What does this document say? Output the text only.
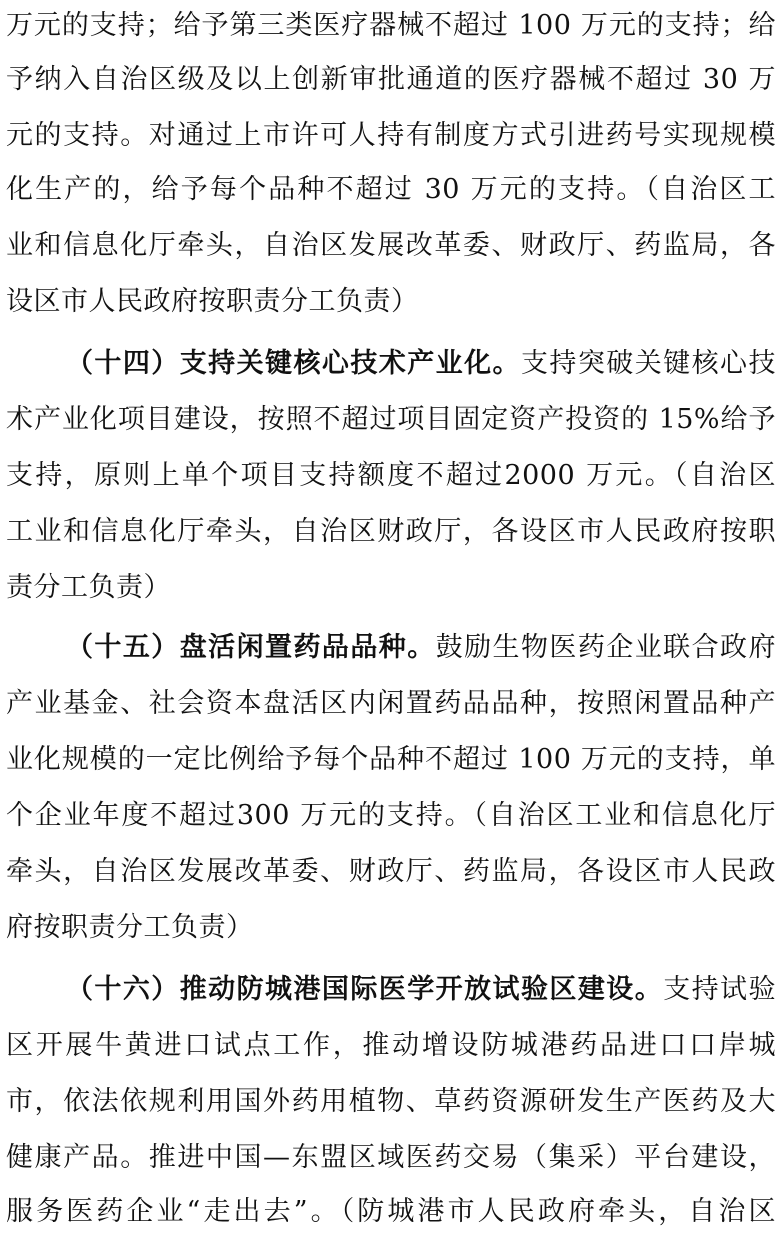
万元的支持；给予第三类医疗器械不超过 100 万元的支持；给
予纳入自治区级及以上创新审批通道的医疗器械不超过 30 万
元的支持。对通过上市许可人持有制度方式引进药号实现规模
化生产的，给予每个品种不超过 30 万元的支持。（自治区工
业和信息化厅牵头，自治区发展改革委、财政厅、药监局，各
设区市人民政府按职责分工负责）
（十四）支持关键核心技术产业化。支持突破关键核心技
术产业化项目建设，按照不超过项目固定资产投资的 15%给予
支持，原则上单个项目支持额度不超过2000 万元。（自治区
工业和信息化厅牵头，自治区财政厅，各设区市人民政府按职
责分工负责）
（十五）盘活闲置药品品种。鼓励生物医药企业联合政府
产业基金、社会资本盘活区内闲置药品品种，按照闲置品种产
业化规模的一定比例给予每个品种不超过 100 万元的支持，单
个企业年度不超过300 万元的支持。（自治区工业和信息化厅
牵头，自治区发展改革委、财政厅、药监局，各设区市人民政
府按职责分工负责）
（十六）推动防城港国际医学开放试验区建设。支持试验
区开展牛黄进口试点工作，推动增设防城港药品进口口岸城
市，依法依规利用国外药用植物、草药资源研发生产医药及大
健康产品。推进中国—东盟区域医药交易（集采）平台建设，
服务医药企业“走出去”。（防城港市人民政府牵头，自治区
